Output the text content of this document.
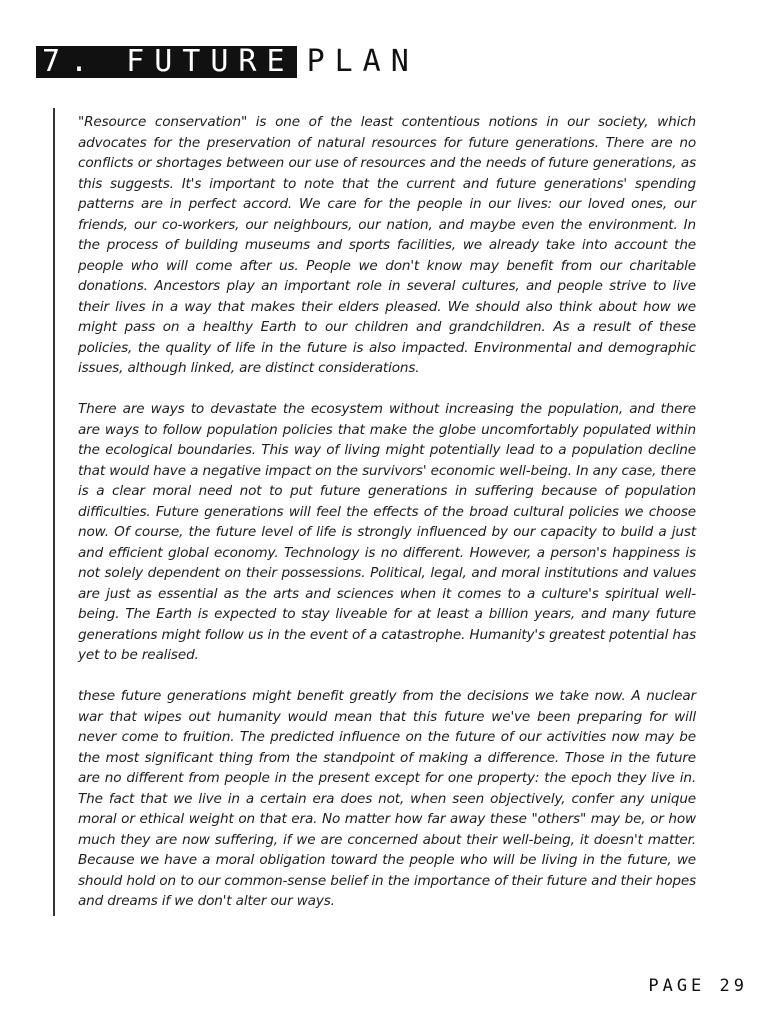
7. FUTURE PLAN

"Resource conservation" is one of the least contentious notions in our society, which advocates for the preservation of natural resources for future generations. There are no conflicts or shortages between our use of resources and the needs of future generations, as this suggests. It's important to note that the current and future generations' spending patterns are in perfect accord. We care for the people in our lives: our loved ones, our friends, our co-workers, our neighbours, our nation, and maybe even the environment. In the process of building museums and sports facilities, we already take into account the people who will come after us. People we don't know may benefit from our charitable donations. Ancestors play an important role in several cultures, and people strive to live their lives in a way that makes their elders pleased. We should also think about how we might pass on a healthy Earth to our children and grandchildren. As a result of these policies, the quality of life in the future is also impacted. Environmental and demographic issues, although linked, are distinct considerations.

There are ways to devastate the ecosystem without increasing the population, and there are ways to follow population policies that make the globe uncomfortably populated within the ecological boundaries. This way of living might potentially lead to a population decline that would have a negative impact on the survivors' economic well-being. In any case, there is a clear moral need not to put future generations in suffering because of population difficulties. Future generations will feel the effects of the broad cultural policies we choose now. Of course, the future level of life is strongly influenced by our capacity to build a just and efficient global economy. Technology is no different. However, a person's happiness is not solely dependent on their possessions. Political, legal, and moral institutions and values are just as essential as the arts and sciences when it comes to a culture's spiritual well-being. The Earth is expected to stay liveable for at least a billion years, and many future generations might follow us in the event of a catastrophe. Humanity's greatest potential has yet to be realised.

these future generations might benefit greatly from the decisions we take now. A nuclear war that wipes out humanity would mean that this future we've been preparing for will never come to fruition. The predicted influence on the future of our activities now may be the most significant thing from the standpoint of making a difference. Those in the future are no different from people in the present except for one property: the epoch they live in. The fact that we live in a certain era does not, when seen objectively, confer any unique moral or ethical weight on that era. No matter how far away these "others" may be, or how much they are now suffering, if we are concerned about their well-being, it doesn't matter. Because we have a moral obligation toward the people who will be living in the future, we should hold on to our common-sense belief in the importance of their future and their hopes and dreams if we don't alter our ways.

PAGE 29
